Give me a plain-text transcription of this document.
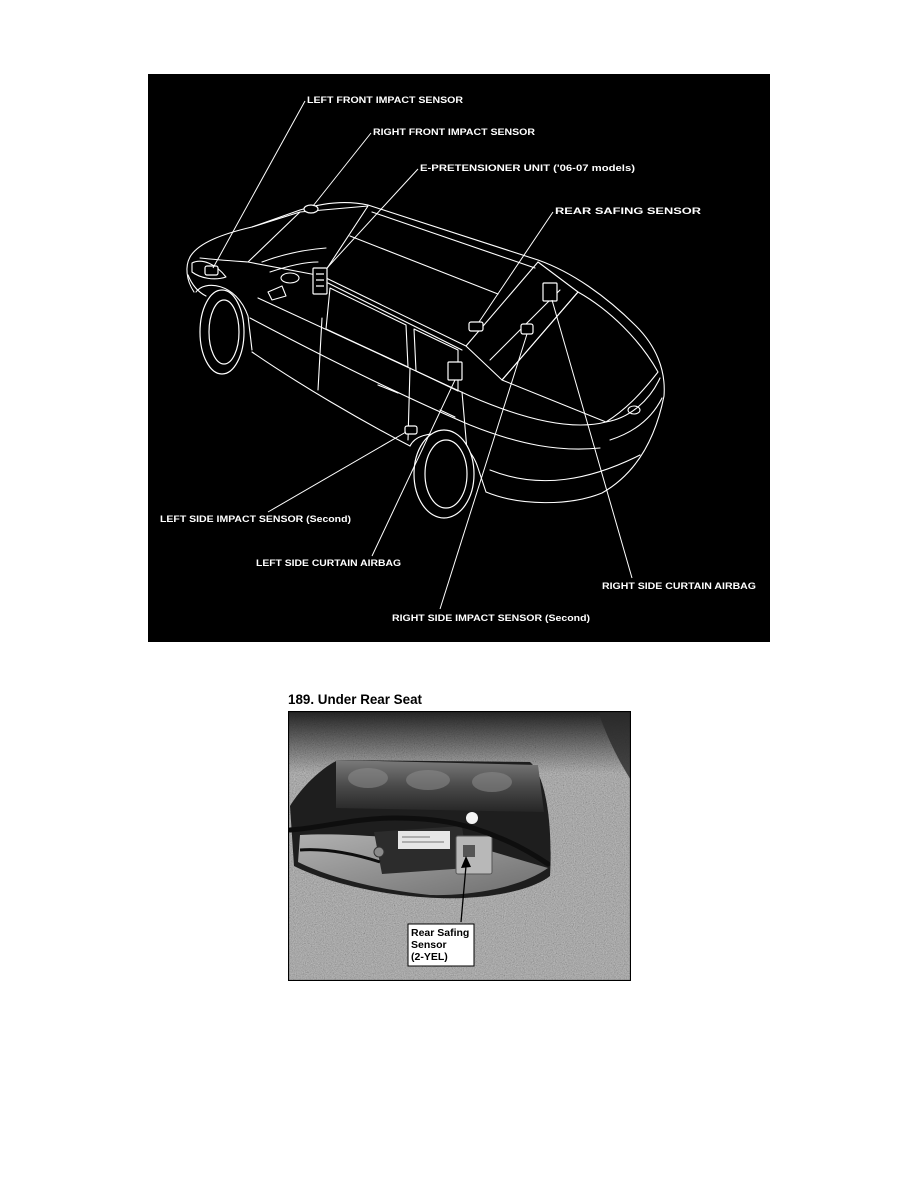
LEFT FRONT IMPACT SENSOR
RIGHT FRONT IMPACT SENSOR
E-PRETENSIONER UNIT ('06-07 models)
REAR SAFING SENSOR
LEFT SIDE IMPACT SENSOR (Second)
LEFT SIDE CURTAIN AIRBAG
RIGHT SIDE CURTAIN AIRBAG
RIGHT SIDE IMPACT SENSOR (Second)
189. Under Rear Seat
Rear Safing
Sensor
(2-YEL)
